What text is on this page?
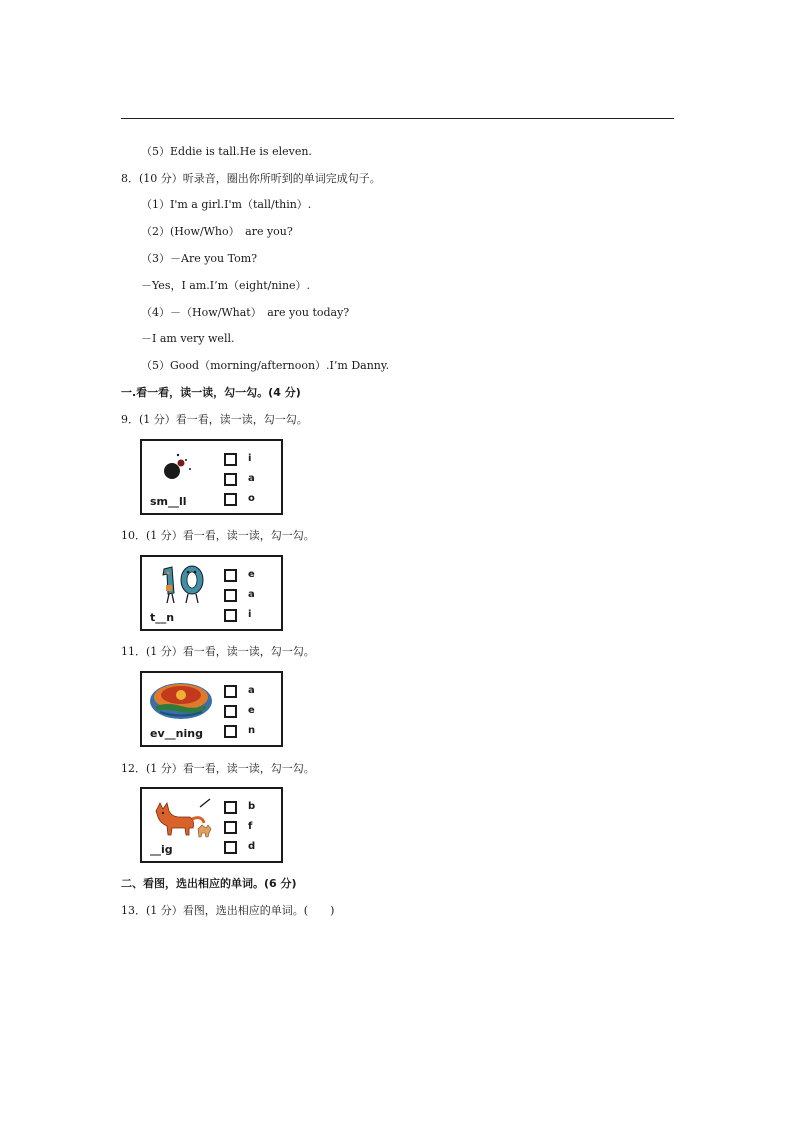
（5）Eddie is tall.He is eleven.
8．(10 分）听录音，圈出你所听到的单词完成句子。
（1）I'm a girl.I'm（tall/thin）.
（2）(How/Who）　are you?
（3）－Are you Tom?
－Yes，I am.I’m（eight/nine）.
（4）－（How/What）　are you today?
－I am very well.
（5）Good（morning/afternoon）.I’m Danny.
一.看一看，读一读，勾一勾。(4 分)
9．(1 分）看一看，读一读，勾一勾。
sm__ll
i
a
o
10．(1 分）看一看，读一读，勾一勾。
t__n
e
a
i
11．(1 分）看一看，读一读，勾一勾。
ev__ning
a
e
n
12．(1 分）看一看，读一读，勾一勾。
__ig
b
f
d
二、看图，选出相应的单词。(6 分)
13．(1 分）看图，选出相应的单词。(　　)
